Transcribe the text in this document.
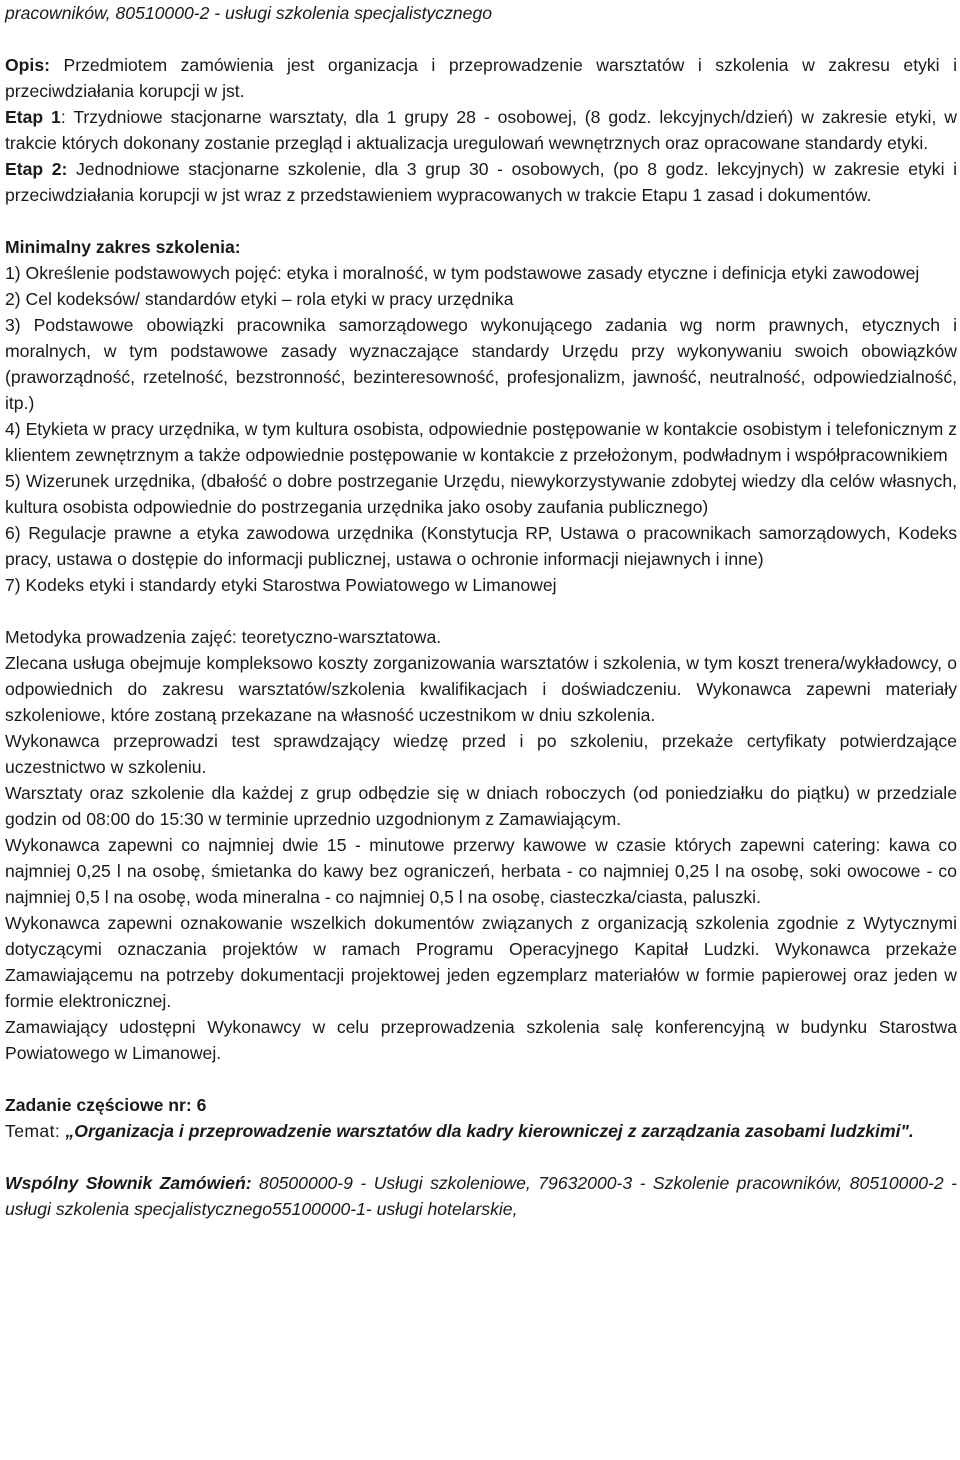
pracowników, 80510000-2 - usługi szkolenia specjalistycznego

Opis: Przedmiotem zamówienia jest organizacja i przeprowadzenie warsztatów i szkolenia w zakresu etyki i przeciwdziałania korupcji w jst.

Etap 1: Trzydniowe stacjonarne warsztaty, dla 1 grupy 28 - osobowej, (8 godz. lekcyjnych/dzień) w zakresie etyki, w trakcie których dokonany zostanie przegląd i aktualizacja uregulowań wewnętrznych oraz opracowane standardy etyki.

Etap 2: Jednodniowe stacjonarne szkolenie, dla 3 grup 30 - osobowych, (po 8 godz. lekcyjnych) w zakresie etyki i przeciwdziałania korupcji w jst wraz z przedstawieniem wypracowanych w trakcie Etapu 1 zasad i dokumentów.

Minimalny zakres szkolenia:

1) Określenie podstawowych pojęć: etyka i moralność, w tym podstawowe zasady etyczne i definicja etyki zawodowej

2) Cel kodeksów/ standardów etyki – rola etyki w pracy urzędnika

3) Podstawowe obowiązki pracownika samorządowego wykonującego zadania wg norm prawnych, etycznych i moralnych, w tym podstawowe zasady wyznaczające standardy Urzędu przy wykonywaniu swoich obowiązków (praworządność, rzetelność, bezstronność, bezinteresowność, profesjonalizm, jawność, neutralność, odpowiedzialność, itp.)

4) Etykieta w pracy urzędnika, w tym kultura osobista, odpowiednie postępowanie w kontakcie osobistym i telefonicznym z klientem zewnętrznym a także odpowiednie postępowanie w kontakcie z przełożonym, podwładnym i współpracownikiem

5) Wizerunek urzędnika, (dbałość o dobre postrzeganie Urzędu, niewykorzystywanie zdobytej wiedzy dla celów własnych, kultura osobista odpowiednie do postrzegania urzędnika jako osoby zaufania publicznego)

6) Regulacje prawne a etyka zawodowa urzędnika (Konstytucja RP, Ustawa o pracownikach samorządowych, Kodeks pracy, ustawa o dostępie do informacji publicznej, ustawa o ochronie informacji niejawnych i inne)

7) Kodeks etyki i standardy etyki Starostwa Powiatowego w Limanowej

Metodyka prowadzenia zajęć: teoretyczno-warsztatowa.

Zlecana usługa obejmuje kompleksowo koszty zorganizowania warsztatów i szkolenia, w tym koszt trenera/wykładowcy, o odpowiednich do zakresu warsztatów/szkolenia kwalifikacjach i doświadczeniu. Wykonawca zapewni materiały szkoleniowe, które zostaną przekazane na własność uczestnikom w dniu szkolenia.

Wykonawca przeprowadzi test sprawdzający wiedzę przed i po szkoleniu, przekaże certyfikaty potwierdzające uczestnictwo w szkoleniu.

Warsztaty oraz szkolenie dla każdej z grup odbędzie się w dniach roboczych (od poniedziałku do piątku) w przedziale godzin od 08:00 do 15:30 w terminie uprzednio uzgodnionym z Zamawiającym.

Wykonawca zapewni co najmniej dwie 15 - minutowe przerwy kawowe w czasie których zapewni catering: kawa co najmniej 0,25 l na osobę, śmietanka do kawy bez ograniczeń, herbata - co najmniej 0,25 l na osobę, soki owocowe - co najmniej 0,5 l na osobę, woda mineralna - co najmniej 0,5 l na osobę, ciasteczka/ciasta, paluszki.

Wykonawca zapewni oznakowanie wszelkich dokumentów związanych z organizacją szkolenia zgodnie z Wytycznymi dotyczącymi oznaczania projektów w ramach Programu Operacyjnego Kapitał Ludzki. Wykonawca przekaże Zamawiającemu na potrzeby dokumentacji projektowej jeden egzemplarz materiałów w formie papierowej oraz jeden w formie elektronicznej.

Zamawiający udostępni Wykonawcy w celu przeprowadzenia szkolenia salę konferencyjną w budynku Starostwa Powiatowego w Limanowej.

Zadanie częściowe nr: 6

Temat: „Organizacja i przeprowadzenie warsztatów dla kadry kierowniczej z zarządzania zasobami ludzkimi".

Wspólny Słownik Zamówień: 80500000-9 - Usługi szkoleniowe, 79632000-3 - Szkolenie pracowników, 80510000-2 - usługi szkolenia specjalistycznego55100000-1- usługi hotelarskie,
